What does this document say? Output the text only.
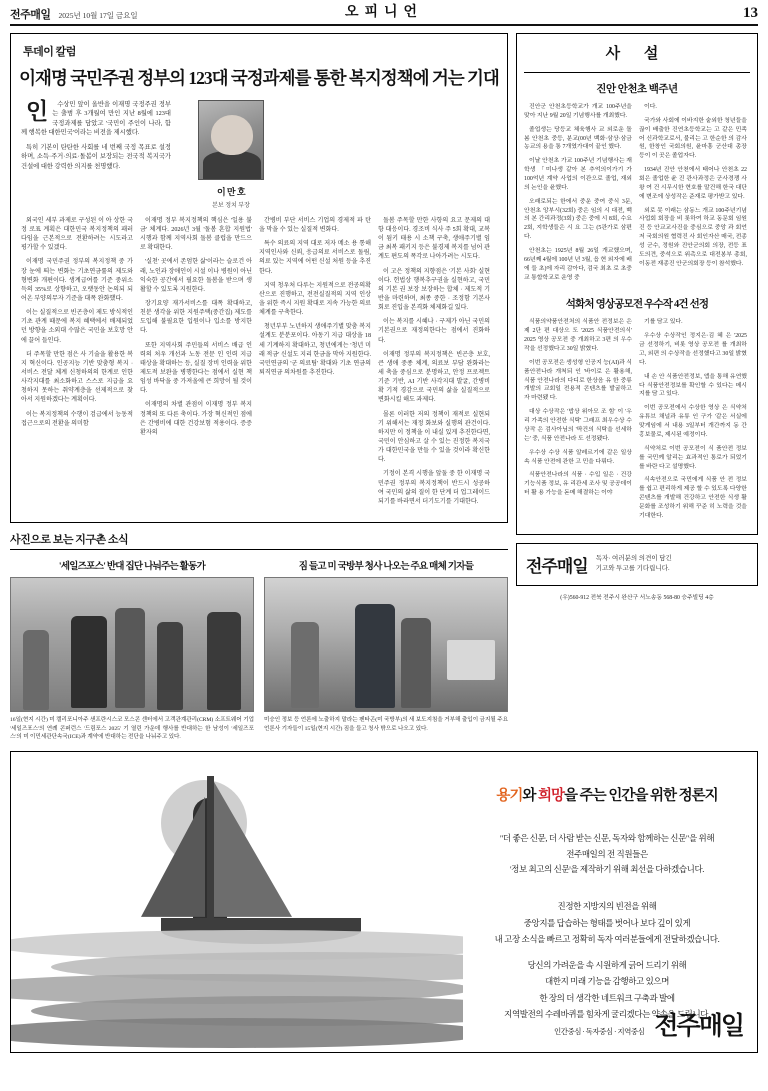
전주매일 2025년 10월 17일 금요일	오피니언	13
투데이 칼럼
이재명 국민주권 정부의 123대 국정과제를 통한 복지정책에 거는 기대

인 수상민 앞이 올반을 이재명 국정주권 정부는 출범 후 3개월여 만인 지난 8월에 123대 국정과제를 담았고 '국민이 주인이 나라, 함께 행복한 대한민국'이라는 비전을 제시했다.

특히 기본이 탄탄한 사회를 네 번째 국정 목표로 설정하며, 소득·주거·의료·돌봄이 보장되는 전국적 복지국가 건설에 대한 강력한 의지를 천명했다.

이 만 호
본보 정치 부장

외국인 세부 과제로 구성된 이 아 상한 국정 로표 계획은 대한민국 복지정책의 패러다임을 근본적으로 전환하려는 시도라고 평가할 수 있겠다.

이재명 국민주권 정부의 복지정책 중 가장 눈에 띄는 변화는 기초연금률의 제도와 형변화 개편이다. 생계급여를 기준 중위소득의 35%로 상향하고, 오랫동안 논의되 되어온 부양의무자 기준을 대폭 완화했다.

이는 실질적으로 빈곤층이 제도 방식적인 기초 관계 때문에 복지 혜택에서 배제되었던 방향을 소외대 수많은 국민을 보호망 안에 끌어 들인다.

더 주목할 만한 점은 사 기술을 활용한 복지 혁신이다. 인공지능 기반 맞춤형 복지 · 서비스 전달 체계 신청하의의 한계로 인한 사각지대를 최소화하고 스스로 지급을 요청하지 못하는 취약계층을 선제적으로 찾아서 지원하겠다는 계획이다.

이는 복지정책의 수행이 검급에서 능동적 접근으로의 전환을 의미함

이재명 정부 복지정책의 핵심은 '일용 불금' 체계다. 2026년 3월 '돌봄 혼합 지원법' 시행과 함께 지역사회 돌봄 클럽을 만드으로 확대한다.

'실천' 곳에서 존엄한 삶'이라는 슬로건 아래, 노인과 장애인이 시설 이나 병원이 아닌 익숙한 공간에서 필요한 돌봄을 받으며 생활할 수 있도록 지원한다.

장기요양 재가서비스를 대폭 확대하고, 친분 생각을 위한 지원주택(중간집) 제도를 도입해 불필요한 입원이나 입소를 방지한다.

또한 지역사회 주민들의 서비스 배급 인력의 처우 개선과 노동 전문 인 인력 지급 태상을 확대하는 등, 실질 장비 인력을 위한 제도적 보완을 병행한다는 점에서 실현 책임성 바닥을 중 가져올에 큰 희망이 될 것이다.

이재명의 차별 관점이 이재명 정부 복지정책의 또 다른 축이다. 가장 혁신적인 점에은 간병비에 대한 건강보험 적용이다. 증증 환자의

간병비 부단 서비스 기업의 경제적 파 탄을 막을 수 있는 실질적 변화다.

특수 의료의 지역 대로 저자 메소 용 통해 지역인사와 신뢰, 응급의료 서비스로 돌림, 의료 있는 지역에 어떤 신설 처원 등을 추진한다.

지역 청우처 다루는 지원적으로 전공의확산으로 진행하고, 전전실질적의 지역 인상을 위한 즉시 지원 확대로 지속 가능한 의료체계를 구축한다.

청년부부 노년하지 생애주기별 맞춤 복지 설계도 분분포이다. 아동기 지급 대상을 18세 기계하지 확대하고, 청년에게는 '청년 미래 적금' 신설도 지리 한금을 막아 지원한다. 국민연금의 '군 의료팀' 확대와 기초 연금의 퇴직연금 의차원를 추진한다.

돌봄 주목할 만한 사항의 요고 문제의 대항 대응이다. 경조비 식사 주 5회 확대, 교복이 됨키 태용 시 소책 구축, 생애주기별 임금 최복 패키지 등은 불경제 복지를 넘어 관계도 편도의 폭각로 나아가려는 시도다.

이 고은 정책의 지향점은 '기본 사회' 실현이다. 헌법상 행복추구권을 실현하고, 국민의 기본 권 보장 보장하는 합체 · 제도적 기반을 마련하며, 최종 중한 · 조정함 기본사회로 진입을 본격화 체제화길 있다.

이는 복지를 시혜나 · 구제가 아닌 국민의 기본권으로 재정의한다는 점에서 진화하다.

이재명 정부의 복지정책은 빈곤층 보호, 큰 생애 중종 체계, 의료보 부담 완화라는 세 축을 중심으로 분명하고, 안정 프로젝트 기준 기반, AI 기반 사각지대 발굴, 간병비 확 기적 경감으로 국민의 삶을 실질적으로 변화시킬 해도 과제다.

몰론 이러한 저의 정책이 재적로 실현되기 위해서는 재정 화보와 실행의 관건이다. 하지만 이 정책을 이 내실 있게 추진한다면, 국민이 안심하고 살 수 있는 진정한 복지국가 대한민국을 만들 수 있을 것이라 확신한다.

기정이 본격 시행을 앞둘 중 한 이재명 국민주권 정부의 복지정책이 반드시 성공하여 국민의 삶의 질이 한 단계 더 업그레이드 되기를 바라면서 더기도기를 기대한다.

사진으로 보는 지구촌 소식
'세일즈포스' 반대 집단 나눠주는 활동가
16일(현지 시간) 미 캘리포니아주 샌프란시스코 모스콘 센터에서 고객관계관리(CRM) 소프트웨어 기업 '세일즈포스'의 연례 콘퍼런스 '드림포스 2025' 기 열린 가운데 행사를 반대하는 한 남성이 '세일즈포스'의 미 이민세관단속국(ICE)과 계약에 반대하는 전단을 나눠주고 있다.
짐 들고 미 국방부 청사 나오는 주요 매체 기자들
미승인 정보 등 언론에 노출하지 말라는 펜타곤(미 국방부)의 새 보도지침을 거부해 출입이 금지될 주요 언론사 기자들이 15일(현지 시간) 짐을 들고 청사 밖으로 나오고 있다.
사 설
진안 안천초 백주년

진안군 안천초등학교가 개교 100주년을 맞아 지난 9월 20일 기념행사를 개최했다.

졸업생는 당등교 체육행사 교 외로운 돌봄 안천초 중등, 분교(00년 백화·삼상·삼금 농교의 용을 통 7개였가대이 끝인 했다.

이날 안천초 가교 100주년 기념행사는 재학생 「미나생 같아 본 추억의이가기 가 100억년 계약 사업의 이관으로 졸업, 재외의 논인을 윤했다.

오래로되는 한에서 중운 중여 중식 3문, 안천초 앙부시(32회) 중은 임의 시 대전, 백의 본 간리과정(3회) 중은 중에 시 8회, 수요 2회, 지학생들은 시 요 그는 (5관가로 삼편다.

안천초는 1925년 8월 26일 개교했으며, 66년째 4월에 100년 년 3월, 읍 현 외자에 배에 들 초)에 자리 감아다, 검국 최초 로 초중교 통합학교로 운영 중

이다.

국가와 사회에 이바지한 숱외한 청년들을 끊이 배출한 진연초등학교는 고 같은 민족 어 신과학교로서, 불리는 고 한순한 의 감사원, 한창인 국회의원, 윤마흥 군산대 총장 등이 이 곳은 졸업자다.

1934년 진안 안천에서 태어나 안천초 22회은 졸업한 윤 진 관사과정은 군사경쟁 사왕 여 건 시무시한 현호를 말건해 한국 대단에 변조에 상성작은 준재로 평가받고 있다.

외로 못 이래는 삼동느 개교 100주년기념사업회 회장을 비 롯하여 하교 동문회 임원진 등 안교교사진을 중심으로 중앙 과 회언저 국회의원 협력진 사 회인자산 매국, 전종성 군수, 정원와 진안군의회 의장, 전등 표 도의견, 중석으로 위촉으로 대전봉부 총회, 이동전 재종진 안군의회장 등이 참석했다.

석화처 영상공모전 우수작 4건 선정

식품의약품안전처의 식품안 전정보은 은 제 2단 편 대상으 도 '2025 식품안전의식' 2025 영상 공모전 중 개최하고 3편 의 우수작을 선정했다고 30일 밝혔다.

이번 공모전은 생성형 인공지 능(AI)과 식품안전나라 개척되 인 '바이로 은 활용해, 식품 안전나라의 다디로 한상음 유 한 중류 개발의 교회일 전용적 콘텐츠를 발굴하고자 마련됐 다.

대상 수상작은 '밥상 위아모 조 힘' 이 '우리 가족의 안전한 식탁' 그래프 최우수상 수상작 은 검사아님의 '딱건의 식탁을 선세하는' 중, 식품 안전나라 도 선정됐다.

우수상 수상 식품 알레르기에 같은 일상 속 식품 안전에 관한 고 민을 다뤄다.

식품안전나라의 식품 · 수입 일은 · 건강기능식품 정보, 유 리관세 조사 및 공공데이터 활 용 가능을 돋메 해결하는 이야

기를 담고 있다.

우수상 수상작인 정지은·김 혜 은 '2025 금 선정하기, 비롯 영상 공모전 를 개최하고, 외편 의 수상작을 선정했다고 30일 밝혔다.

내 손 안 식품안전정보, 앱을 통해 유연했다 식품안전정보를 확인할 수 있다는 메시지를 담 고 있다.

이번 공모전에서 수상한 영상 은 식약처 유튜브 채널과 유튜 인 구가 '같은 서실에 맞게임에 서 내용 3일부터 개간까지 동 간 홍보물로, 제시된 예정이다.

식약처로 이번 공모전이 식 품안전 정보를 국민께 알리는 효과적인 통로가 되었기를 바란 다고 설명했다.

식속안전으로 국민에게 식품 안 전 정보를 쉽고 편리하게 제공 할 수 있도록 다양한 콘텐츠를 개발해 건강하고 안전한 식생 활문화를 조성하기 위해 꾸준 히 노력을 것을 기대한다.

전주매일 독자· 여러분의 의견이 담긴
기고와 투고를 기다립니다.
(우)560-912 전북 전주시 완산구 서노송동 568-80 승주빌딩 4층
용기와 희망을 주는 인간을 위한 정론지
"더 좋은 신문, 더 사람 받는 신문, 독자와 함께하는 신문"을 위해
전주매일의 전 직원들은
'정보 최고의 신문'을 제작하기 위해 최선을 다하겠습니다.
진정한 지방지의 빈전을 위해
중앙지를 답습하는 형태를 벗어나 보다 깊이 있게
내 고장 소식을 빠르고 정확히 독자 여러분들에게 전달하겠습니다.
당신의 가려운을 속 시원하게 긁어 드리기 위해
대한지 미래 기능을 감행하고 있으며
한 장의 더 생각한 네트워크 구축과 발에
지역발전의 수레바퀴를 힘차게 굴리겠다는 약속을 드립니다.
인간중심 · 독자중심 · 지역중심 전주매일
